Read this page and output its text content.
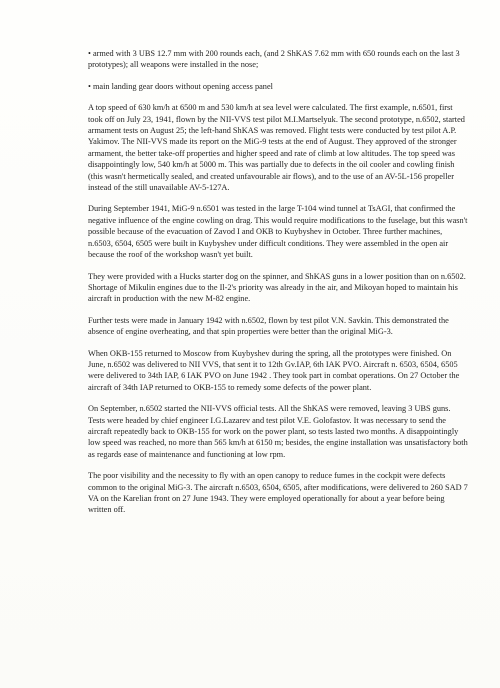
• armed with 3 UBS 12.7 mm with 200 rounds each, (and 2 ShKAS 7.62 mm with 650 rounds each on the last 3 prototypes); all weapons were installed in the nose;

• main landing gear doors without opening access panel

A top speed of 630 km/h at 6500 m and 530 km/h at sea level were calculated. The first example, n.6501, first took off on July 23, 1941, flown by the NII-VVS test pilot M.I.Martselyuk. The second prototype, n.6502, started armament tests on August 25; the left-hand ShKAS was removed. Flight tests were conducted by test pilot A.P. Yakimov. The NII-VVS made its report on the MiG-9 tests at the end of August. They approved of the stronger armament, the better take-off properties and higher speed and rate of climb at low altitudes. The top speed was disappointingly low, 540 km/h at 5000 m. This was partially due to defects in the oil cooler and cowling finish (this wasn't hermetically sealed, and created unfavourable air flows), and to the use of an AV-5L-156 propeller instead of the still unavailable AV-5-127A.

During September 1941, MiG-9 n.6501 was tested in the large T-104 wind tunnel at TsAGI, that confirmed the negative influence of the engine cowling on drag. This would require modifications to the fuselage, but this wasn't possible because of the evacuation of Zavod I and OKB to Kuybyshev in October. Three further machines, n.6503, 6504, 6505 were built in Kuybyshev under difficult conditions. They were assembled in the open air because the roof of the workshop wasn't yet built.

They were provided with a Hucks starter dog on the spinner, and ShKAS guns in a lower position than on n.6502. Shortage of Mikulin engines due to the Il-2's priority was already in the air, and Mikoyan hoped to maintain his aircraft in production with the new M-82 engine.

Further tests were made in January 1942 with n.6502, flown by test pilot V.N. Savkin. This demonstrated the absence of engine overheating, and that spin properties were better than the original MiG-3.

When OKB-155 returned to Moscow from Kuybyshev during the spring, all the prototypes were finished. On June, n.6502 was delivered to NII VVS, that sent it to 12th Gv.IAP, 6th IAK PVO. Aircraft n. 6503, 6504, 6505 were delivered to 34th IAP, 6 IAK PVO on June 1942 . They took part in combat operations. On 27 October the aircraft of 34th IAP returned to OKB-155 to remedy some defects of the power plant.

On September, n.6502 started the NII-VVS official tests. All the ShKAS were removed, leaving 3 UBS guns. Tests were headed by chief engineer I.G.Lazarev and test pilot V.E. Golofastov. It was necessary to send the aircraft repeatedly back to OKB-155 for work on the power plant, so tests lasted two months. A disappointingly low speed was reached, no more than 565 km/h at 6150 m; besides, the engine installation was unsatisfactory both as regards ease of maintenance and functioning at low rpm.

The poor visibility and the necessity to fly with an open canopy to reduce fumes in the cockpit were defects common to the original MiG-3. The aircraft n.6503, 6504, 6505, after modifications, were delivered to 260 SAD 7 VA on the Karelian front on 27 June 1943. They were employed operationally for about a year before being written off.
